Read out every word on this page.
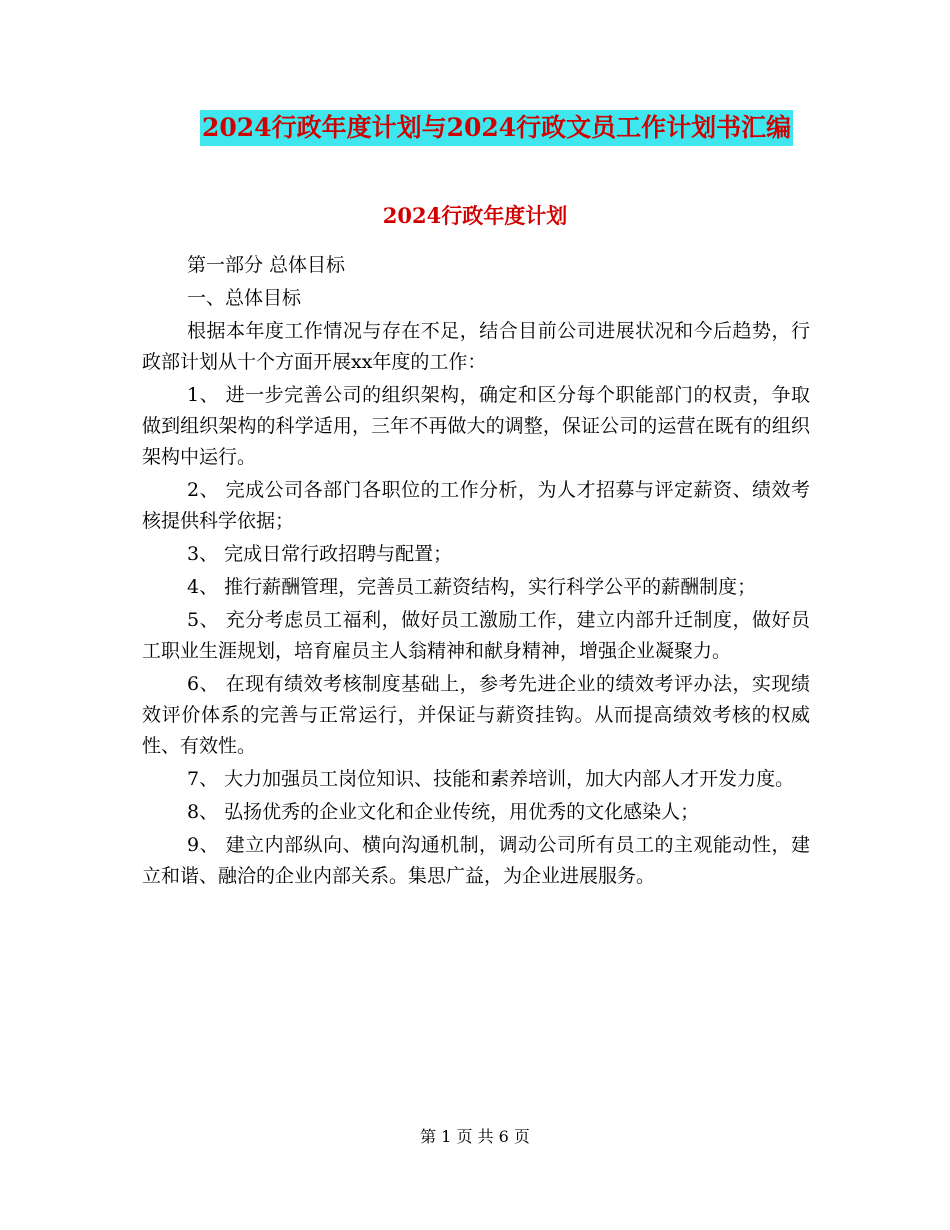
2024行政年度计划与2024行政文员工作计划书汇编
2024行政年度计划

第一部分 总体目标

一、总体目标

根据本年度工作情况与存在不足，结合目前公司进展状况和今后趋势，行政部计划从十个方面开展xx年度的工作：

1、 进一步完善公司的组织架构，确定和区分每个职能部门的权责，争取做到组织架构的科学适用，三年不再做大的调整，保证公司的运营在既有的组织架构中运行。

2、 完成公司各部门各职位的工作分析，为人才招募与评定薪资、绩效考核提供科学依据；

3、 完成日常行政招聘与配置；

4、 推行薪酬管理，完善员工薪资结构，实行科学公平的薪酬制度；

5、 充分考虑员工福利，做好员工激励工作，建立内部升迁制度，做好员工职业生涯规划，培育雇员主人翁精神和献身精神，增强企业凝聚力。

6、 在现有绩效考核制度基础上，参考先进企业的绩效考评办法，实现绩效评价体系的完善与正常运行，并保证与薪资挂钩。从而提高绩效考核的权威性、有效性。

7、 大力加强员工岗位知识、技能和素养培训，加大内部人才开发力度。

8、 弘扬优秀的企业文化和企业传统，用优秀的文化感染人；

9、 建立内部纵向、横向沟通机制，调动公司所有员工的主观能动性，建立和谐、融洽的企业内部关系。集思广益，为企业进展服务。

第 1 页 共 6 页
